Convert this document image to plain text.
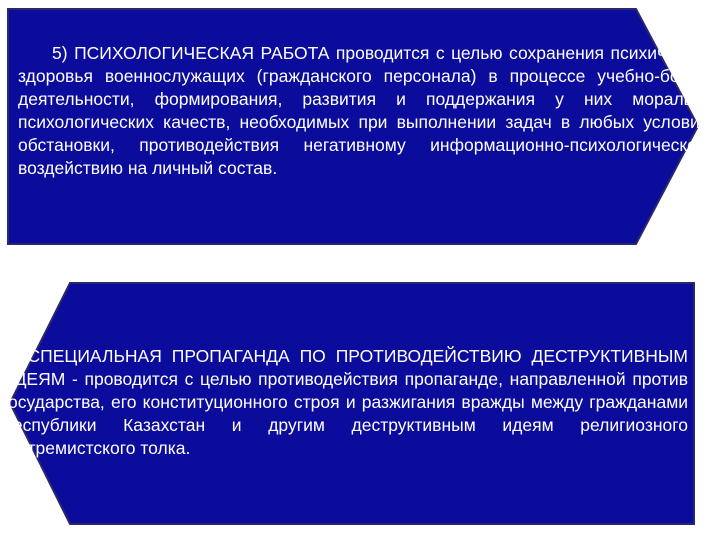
5) ПСИХОЛОГИЧЕСКАЯ РАБОТА проводится с целью сохранения психического здоровья военнослужащих (гражданского персонала) в процессе учебно-боевой деятельности, формирования, развития и поддержания у них морально-психологических качеств, необходимых при выполнении задач в любых условиях обстановки, противодействия негативному информационно-психологическому воздействию на личный состав.

6) СПЕЦИАЛЬНАЯ ПРОПАГАНДА ПО ПРОТИВОДЕЙСТВИЮ ДЕСТРУКТИВНЫМ ИДЕЯМ - проводится с целью противодействия пропаганде, направленной против государства, его конституционного строя и разжигания вражды между гражданами Республики Казахстан и другим деструктивным идеям религиозного экстремистского толка.
